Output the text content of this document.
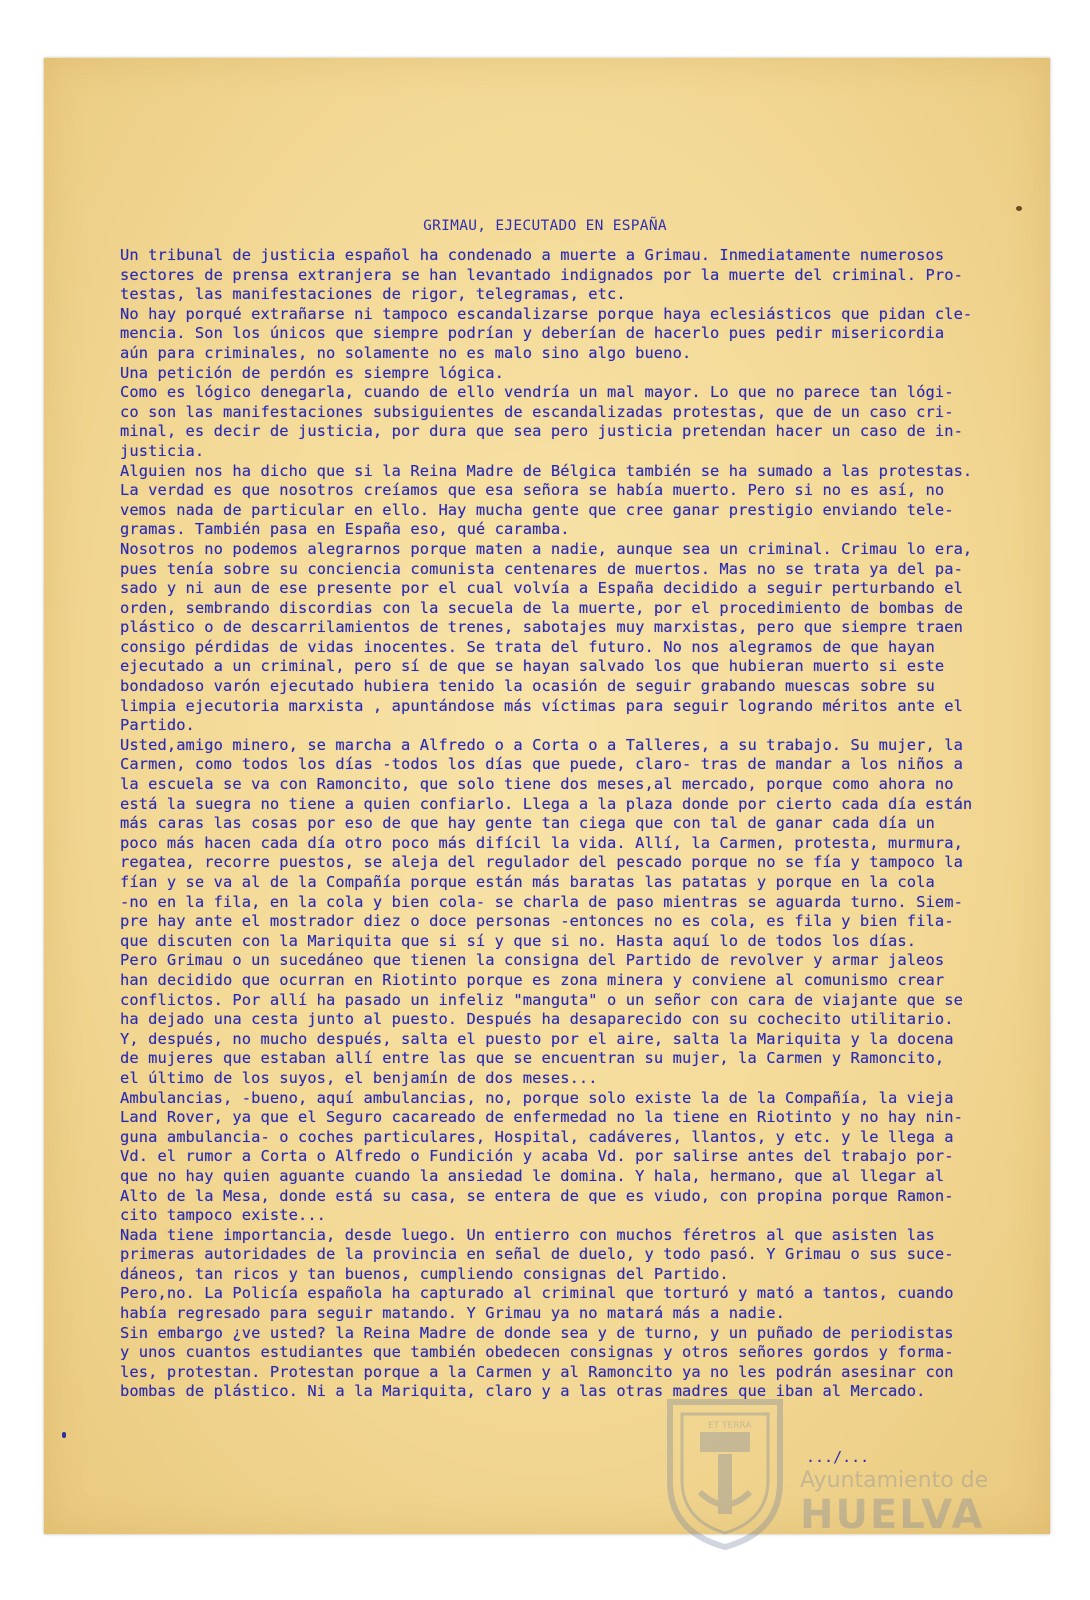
GRIMAU, EJECUTADO EN ESPAÑA
Un tribunal de justicia español ha condenado a muerte a Grimau. Inmediatamente numerosos
sectores de prensa extranjera se han levantado indignados por la muerte del criminal. Pro-
testas, las manifestaciones de rigor, telegramas, etc.
No hay porqué extrañarse ni tampoco escandalizarse porque haya eclesiásticos que pidan cle-
mencia. Son los únicos que siempre podrían y deberían de hacerlo pues pedir misericordia
aún para criminales, no solamente no es malo sino algo bueno.
Una petición de perdón es siempre lógica.
Como es lógico denegarla, cuando de ello vendría un mal mayor. Lo que no parece tan lógi-
co son las manifestaciones subsiguientes de escandalizadas protestas, que de un caso cri-
minal, es decir de justicia, por dura que sea pero justicia pretendan hacer un caso de in-
justicia.
Alguien nos ha dicho que si la Reina Madre de Bélgica también se ha sumado a las protestas.
La verdad es que nosotros creíamos que esa señora se había muerto. Pero si no es así, no
vemos nada de particular en ello. Hay mucha gente que cree ganar prestigio enviando tele-
gramas. También pasa en España eso, qué caramba.
Nosotros no podemos alegrarnos porque maten a nadie, aunque sea un criminal. Crimau lo era,
pues tenía sobre su conciencia comunista centenares de muertos. Mas no se trata ya del pa-
sado y ni aun de ese presente por el cual volvía a España decidido a seguir perturbando el
orden, sembrando discordias con la secuela de la muerte, por el procedimiento de bombas de
plástico o de descarrilamientos de trenes, sabotajes muy marxistas, pero que siempre traen
consigo pérdidas de vidas inocentes. Se trata del futuro. No nos alegramos de que hayan
ejecutado a un criminal, pero sí de que se hayan salvado los que hubieran muerto si este
bondadoso varón ejecutado hubiera tenido la ocasión de seguir grabando muescas sobre su
limpia ejecutoria marxista , apuntándose más víctimas para seguir logrando méritos ante el
Partido.
Usted,amigo minero, se marcha a Alfredo o a Corta o a Talleres, a su trabajo. Su mujer, la
Carmen, como todos los días -todos los días que puede, claro- tras de mandar a los niños a
la escuela se va con Ramoncito, que solo tiene dos meses,al mercado, porque como ahora no
está la suegra no tiene a quien confiarlo. Llega a la plaza donde por cierto cada día están
más caras las cosas por eso de que hay gente tan ciega que con tal de ganar cada día un
poco más hacen cada día otro poco más difícil la vida. Allí, la Carmen, protesta, murmura,
regatea, recorre puestos, se aleja del regulador del pescado porque no se fía y tampoco la
fían y se va al de la Compañía porque están más baratas las patatas y porque en la cola
-no en la fila, en la cola y bien cola- se charla de paso mientras se aguarda turno. Siem-
pre hay ante el mostrador diez o doce personas -entonces no es cola, es fila y bien fila-
que discuten con la Mariquita que si sí y que si no. Hasta aquí lo de todos los días.
Pero Grimau o un sucedáneo que tienen la consigna del Partido de revolver y armar jaleos
han decidido que ocurran en Riotinto porque es zona minera y conviene al comunismo crear
conflictos. Por allí ha pasado un infeliz "manguta" o un señor con cara de viajante que se
ha dejado una cesta junto al puesto. Después ha desaparecido con su cochecito utilitario.
Y, después, no mucho después, salta el puesto por el aire, salta la Mariquita y la docena
de mujeres que estaban allí entre las que se encuentran su mujer, la Carmen y Ramoncito,
el último de los suyos, el benjamín de dos meses...
Ambulancias, -bueno, aquí ambulancias, no, porque solo existe la de la Compañía, la vieja
Land Rover, ya que el Seguro cacareado de enfermedad no la tiene en Riotinto y no hay nin-
guna ambulancia- o coches particulares, Hospital, cadáveres, llantos, y etc. y le llega a
Vd. el rumor a Corta o Alfredo o Fundición y acaba Vd. por salirse antes del trabajo por-
que no hay quien aguante cuando la ansiedad le domina. Y hala, hermano, que al llegar al
Alto de la Mesa, donde está su casa, se entera de que es viudo, con propina porque Ramon-
cito tampoco existe...
Nada tiene importancia, desde luego. Un entierro con muchos féretros al que asisten las
primeras autoridades de la provincia en señal de duelo, y todo pasó. Y Grimau o sus suce-
dáneos, tan ricos y tan buenos, cumpliendo consignas del Partido.
Pero,no. La Policía española ha capturado al criminal que torturó y mató a tantos, cuando
había regresado para seguir matando. Y Grimau ya no matará más a nadie.
Sin embargo ¿ve usted? la Reina Madre de donde sea y de turno, y un puñado de periodistas
y unos cuantos estudiantes que también obedecen consignas y otros señores gordos y forma-
les, protestan. Protestan porque a la Carmen y al Ramoncito ya no les podrán asesinar con
bombas de plástico. Ni a la Mariquita, claro y a las otras madres que iban al Mercado.
.../...
ET TERRA
Ayuntamiento de
HUELVA
